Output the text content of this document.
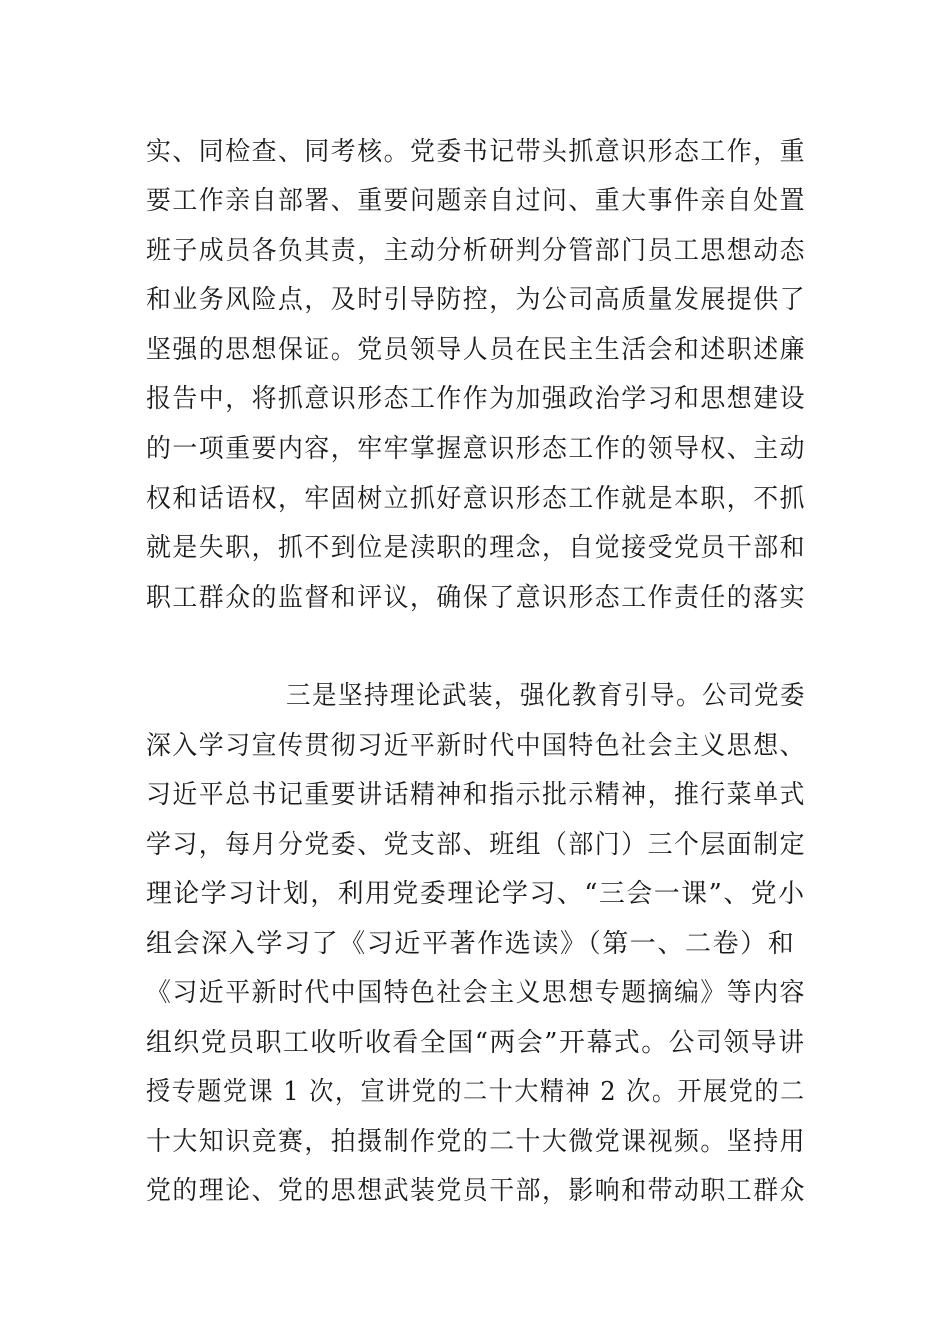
实、同检查、同考核。党委书记带头抓意识形态工作，重
要工作亲自部署、重要问题亲自过问、重大事件亲自处置
班子成员各负其责，主动分析研判分管部门员工思想动态
和业务风险点，及时引导防控，为公司高质量发展提供了
坚强的思想保证。党员领导人员在民主生活会和述职述廉
报告中，将抓意识形态工作作为加强政治学习和思想建设
的一项重要内容，牢牢掌握意识形态工作的领导权、主动
权和话语权，牢固树立抓好意识形态工作就是本职，不抓
就是失职，抓不到位是渎职的理念，自觉接受党员干部和
职工群众的监督和评议，确保了意识形态工作责任的落实
三是坚持理论武装，强化教育引导。公司党委
深入学习宣传贯彻习近平新时代中国特色社会主义思想、
习近平总书记重要讲话精神和指示批示精神，推行菜单式
学习，每月分党委、党支部、班组（部门）三个层面制定
理论学习计划，利用党委理论学习、“三会一课”、党小
组会深入学习了《习近平著作选读》（第一、二卷）和
《习近平新时代中国特色社会主义思想专题摘编》等内容
组织党员职工收听收看全国“两会”开幕式。公司领导讲
授专题党课 1 次，宣讲党的二十大精神 2 次。开展党的二
十大知识竞赛，拍摄制作党的二十大微党课视频。坚持用
党的理论、党的思想武装党员干部，影响和带动职工群众
